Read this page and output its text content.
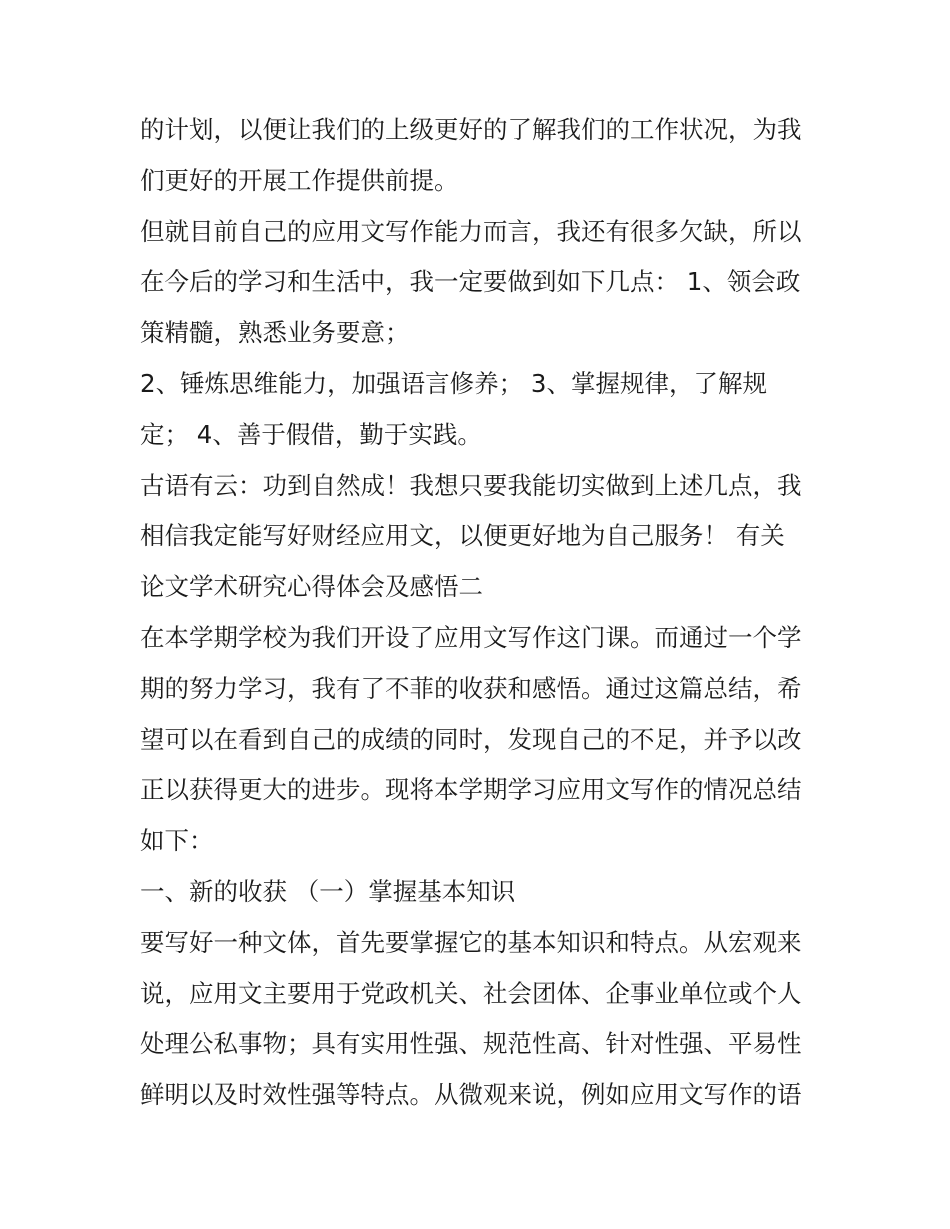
的计划，以便让我们的上级更好的了解我们的工作状况，为我
们更好的开展工作提供前提。
但就目前自己的应用文写作能力而言，我还有很多欠缺，所以
在今后的学习和生活中，我一定要做到如下几点： 1、领会政
策精髓，熟悉业务要意；
2、锤炼思维能力，加强语言修养； 3、掌握规律，了解规
定； 4、善于假借，勤于实践。
古语有云：功到自然成！我想只要我能切实做到上述几点，我
相信我定能写好财经应用文，以便更好地为自己服务！ 有关
论文学术研究心得体会及感悟二
在本学期学校为我们开设了应用文写作这门课。而通过一个学
期的努力学习，我有了不菲的收获和感悟。通过这篇总结，希
望可以在看到自己的成绩的同时，发现自己的不足，并予以改
正以获得更大的进步。现将本学期学习应用文写作的情况总结
如下：
一、新的收获 （一）掌握基本知识
要写好一种文体，首先要掌握它的基本知识和特点。从宏观来
说，应用文主要用于党政机关、社会团体、企事业单位或个人
处理公私事物；具有实用性强、规范性高、针对性强、平易性
鲜明以及时效性强等特点。从微观来说，例如应用文写作的语
